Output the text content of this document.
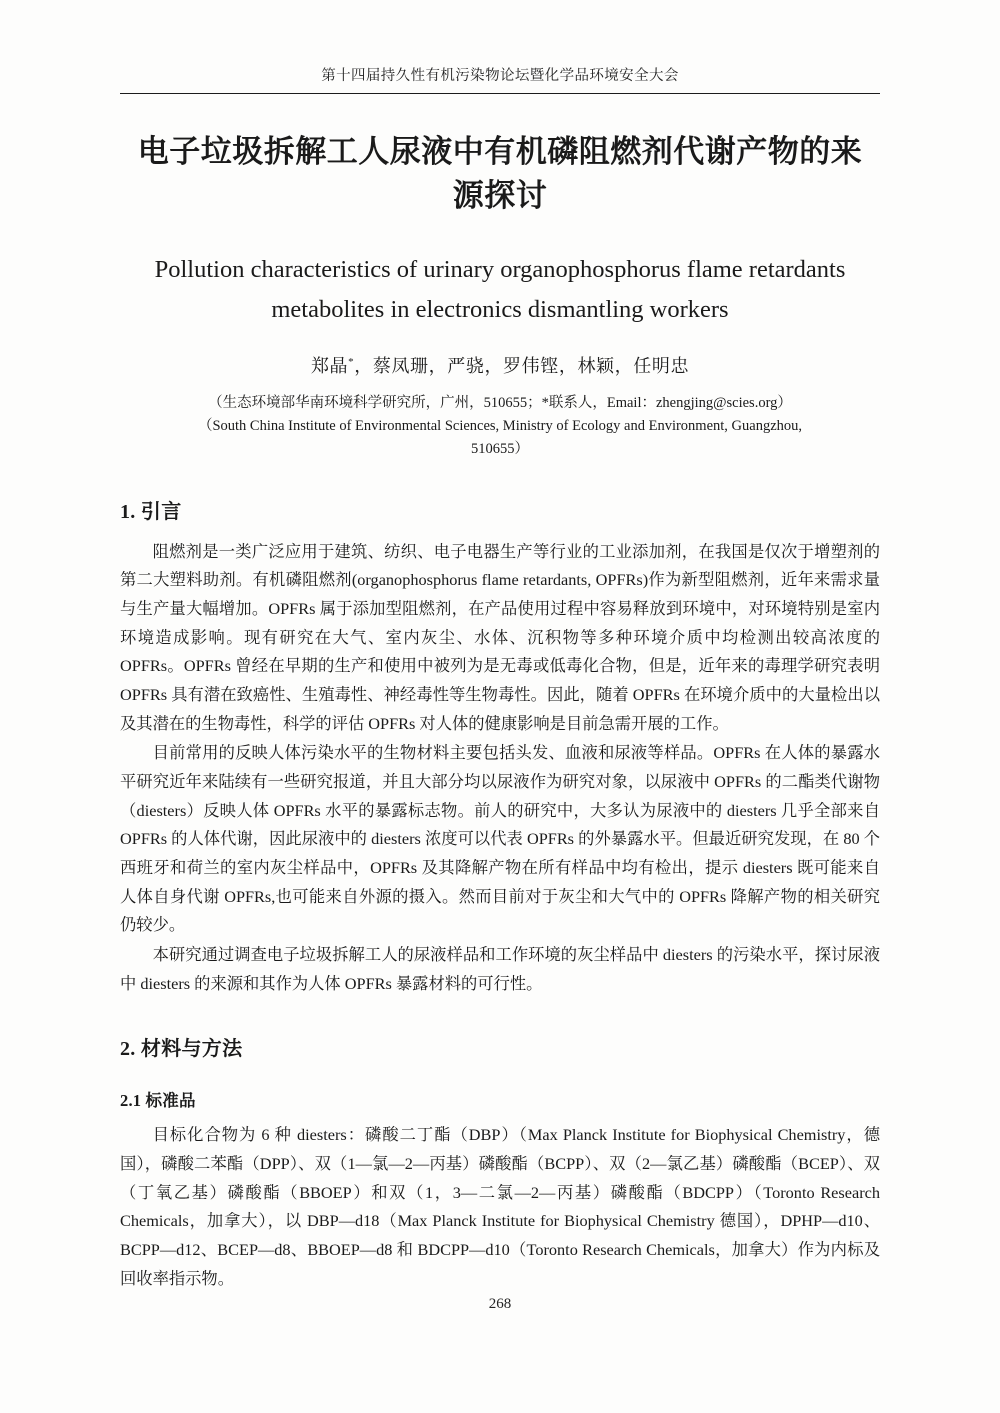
第十四届持久性有机污染物论坛暨化学品环境安全大会
电子垃圾拆解工人尿液中有机磷阻燃剂代谢产物的来源探讨
Pollution characteristics of urinary organophosphorus flame retardants metabolites in electronics dismantling workers
郑晶*，蔡凤珊，严骁，罗伟铿，林颖，任明忠
（生态环境部华南环境科学研究所，广州，510655；*联系人，Email：zhengjing@scies.org）
（South China Institute of Environmental Sciences, Ministry of Ecology and Environment, Guangzhou,
510655）
1. 引言

阻燃剂是一类广泛应用于建筑、纺织、电子电器生产等行业的工业添加剂，在我国是仅次于增塑剂的第二大塑料助剂。有机磷阻燃剂(organophosphorus flame retardants, OPFRs)作为新型阻燃剂，近年来需求量与生产量大幅增加。OPFRs 属于添加型阻燃剂，在产品使用过程中容易释放到环境中，对环境特别是室内环境造成影响。现有研究在大气、室内灰尘、水体、沉积物等多种环境介质中均检测出较高浓度的 OPFRs。OPFRs 曾经在早期的生产和使用中被列为是无毒或低毒化合物，但是，近年来的毒理学研究表明 OPFRs 具有潜在致癌性、生殖毒性、神经毒性等生物毒性。因此，随着 OPFRs 在环境介质中的大量检出以及其潜在的生物毒性，科学的评估 OPFRs 对人体的健康影响是目前急需开展的工作。

目前常用的反映人体污染水平的生物材料主要包括头发、血液和尿液等样品。OPFRs 在人体的暴露水平研究近年来陆续有一些研究报道，并且大部分均以尿液作为研究对象，以尿液中 OPFRs 的二酯类代谢物（diesters）反映人体 OPFRs 水平的暴露标志物。前人的研究中，大多认为尿液中的 diesters 几乎全部来自 OPFRs 的人体代谢，因此尿液中的 diesters 浓度可以代表 OPFRs 的外暴露水平。但最近研究发现，在 80 个西班牙和荷兰的室内灰尘样品中，OPFRs 及其降解产物在所有样品中均有检出，提示 diesters 既可能来自人体自身代谢 OPFRs,也可能来自外源的摄入。然而目前对于灰尘和大气中的 OPFRs 降解产物的相关研究仍较少。

本研究通过调查电子垃圾拆解工人的尿液样品和工作环境的灰尘样品中 diesters 的污染水平，探讨尿液中 diesters 的来源和其作为人体 OPFRs 暴露材料的可行性。

2. 材料与方法
2.1 标准品

目标化合物为 6 种 diesters：磷酸二丁酯（DBP）（Max Planck Institute for Biophysical Chemistry，德国），磷酸二苯酯（DPP）、双（1—氯—2—丙基）磷酸酯（BCPP）、双（2—氯乙基）磷酸酯（BCEP）、双（丁氧乙基）磷酸酯（BBOEP）和双（1，3—二氯—2—丙基）磷酸酯（BDCPP）（Toronto Research Chemicals，加拿大），以 DBP—d18（Max Planck Institute for Biophysical Chemistry 德国），DPHP—d10、BCPP—d12、BCEP—d8、BBOEP—d8 和 BDCPP—d10（Toronto Research Chemicals，加拿大）作为内标及回收率指示物。

268
